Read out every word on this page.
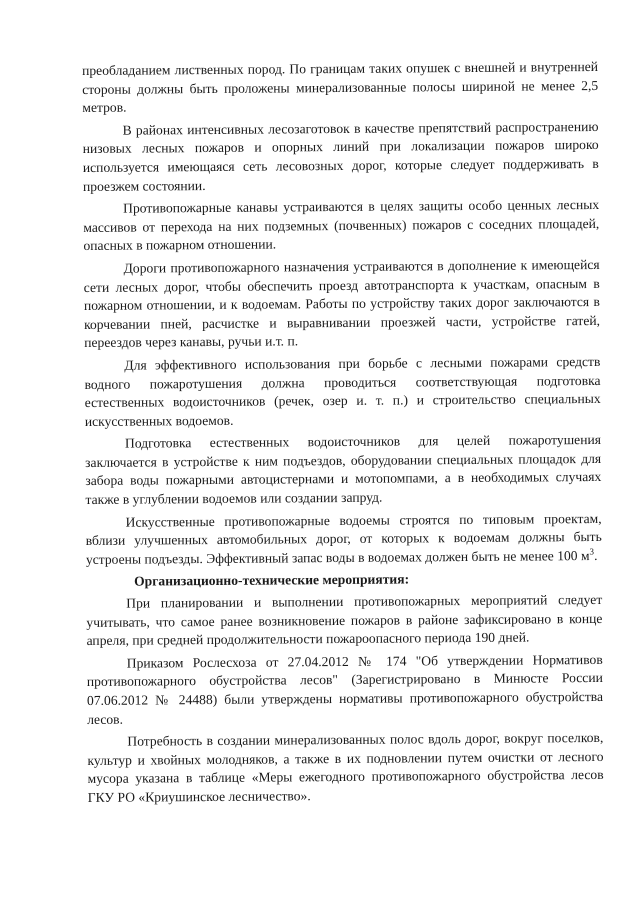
преобладанием лиственных пород. По границам таких опушек с внешней и внутренней стороны должны быть проложены минерализованные полосы шириной не менее 2,5 метров.

В районах интенсивных лесозаготовок в качестве препятствий распространению низовых лесных пожаров и опорных линий при локализации пожаров широко используется имеющаяся сеть лесовозных дорог, которые следует поддерживать в проезжем состоянии.

Противопожарные канавы устраиваются в целях защиты особо ценных лесных массивов от перехода на них подземных (почвенных) пожаров с соседних площадей, опасных в пожарном отношении.

Дороги противопожарного назначения устраиваются в дополнение к имеющейся сети лесных дорог, чтобы обеспечить проезд автотранспорта к участкам, опасным в пожарном отношении, и к водоемам. Работы по устройству таких дорог заключаются в корчевании пней, расчистке и выравнивании проезжей части, устройстве гатей, переездов через канавы, ручьи и.т. п.

Для эффективного использования при борьбе с лесными пожарами средств водного пожаротушения должна проводиться соответствующая подготовка естественных водоисточников (речек, озер и. т. п.) и строительство специальных искусственных водоемов.

Подготовка естественных водоисточников для целей пожаротушения заключается в устройстве к ним подъездов, оборудовании специальных площадок для забора воды пожарными автоцистернами и мотопомпами, а в необходимых случаях также в углублении водоемов или создании запруд.

Искусственные противопожарные водоемы строятся по типовым проектам, вблизи улучшенных автомобильных дорог, от которых к водоемам должны быть устроены подъезды. Эффективный запас воды в водоемах должен быть не менее 100 $м^3$.

Организационно-технические мероприятия:

При планировании и выполнении противопожарных мероприятий следует учитывать, что самое ранее возникновение пожаров в районе зафиксировано в конце апреля, при средней продолжительности пожароопасного периода 190 дней.

Приказом Рослесхоза от 27.04.2012 № 174 "Об утверждении Нормативов противопожарного обустройства лесов" (Зарегистрировано в Минюсте России 07.06.2012 № 24488) были утверждены нормативы противопожарного обустройства лесов.

Потребность в создании минерализованных полос вдоль дорог, вокруг поселков, культур и хвойных молодняков, а также в их подновлении путем очистки от лесного мусора указана в таблице «Меры ежегодного противопожарного обустройства лесов ГКУ РО «Криушинское лесничество».
